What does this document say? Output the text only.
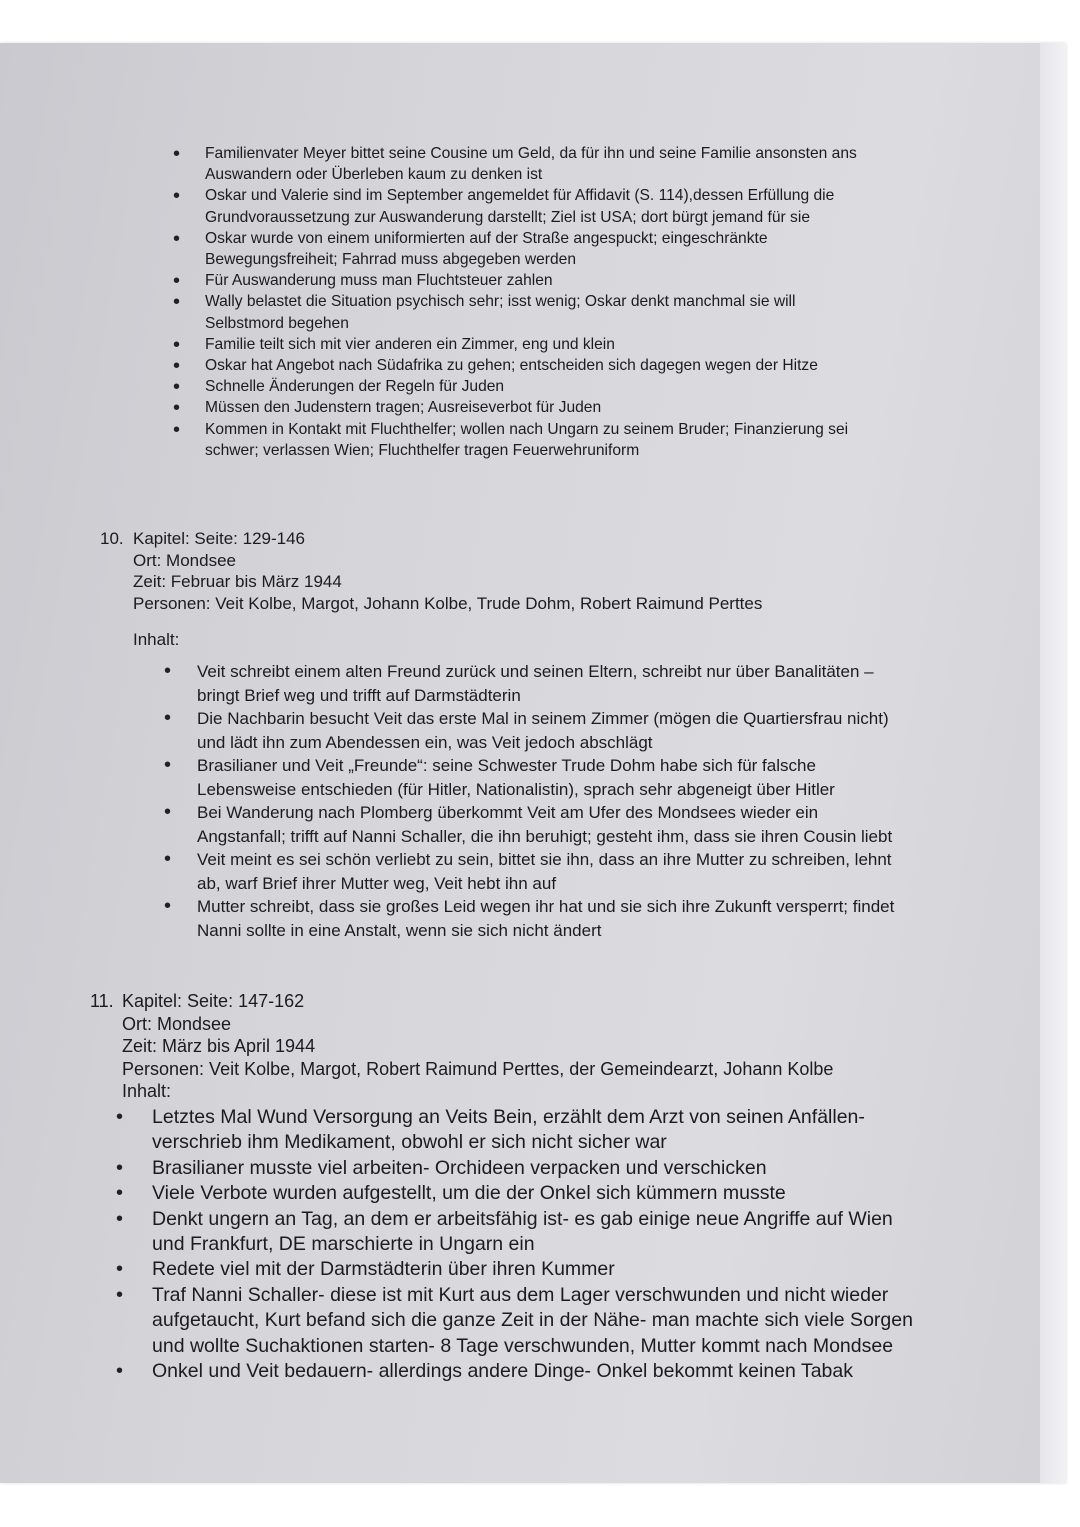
• Familienvater Meyer bittet seine Cousine um Geld, da für ihn und seine Familie ansonsten ans Auswandern oder Überleben kaum zu denken ist
• Oskar und Valerie sind im September angemeldet für Affidavit (S. 114),dessen Erfüllung die Grundvoraussetzung zur Auswanderung darstellt; Ziel ist USA; dort bürgt jemand für sie
• Oskar wurde von einem uniformierten auf der Straße angespuckt; eingeschränkte Bewegungsfreiheit; Fahrrad muss abgegeben werden
• Für Auswanderung muss man Fluchtsteuer zahlen
• Wally belastet die Situation psychisch sehr; isst wenig; Oskar denkt manchmal sie will Selbstmord begehen
• Familie teilt sich mit vier anderen ein Zimmer, eng und klein
• Oskar hat Angebot nach Südafrika zu gehen; entscheiden sich dagegen wegen der Hitze
• Schnelle Änderungen der Regeln für Juden
• Müssen den Judenstern tragen; Ausreiseverbot für Juden
• Kommen in Kontakt mit Fluchthelfer; wollen nach Ungarn zu seinem Bruder; Finanzierung sei schwer; verlassen Wien; Fluchthelfer tragen Feuerwehruniform
10. Kapitel: Seite: 129-146
Ort: Mondsee
Zeit: Februar bis März 1944
Personen: Veit Kolbe, Margot, Johann Kolbe, Trude Dohm, Robert Raimund Perttes
Inhalt:
• Veit schreibt einem alten Freund zurück und seinen Eltern, schreibt nur über Banalitäten – bringt Brief weg und trifft auf Darmstädterin
• Die Nachbarin besucht Veit das erste Mal in seinem Zimmer (mögen die Quartiersfrau nicht) und lädt ihn zum Abendessen ein, was Veit jedoch abschlägt
• Brasilianer und Veit „Freunde“: seine Schwester Trude Dohm habe sich für falsche Lebensweise entschieden (für Hitler, Nationalistin), sprach sehr abgeneigt über Hitler
• Bei Wanderung nach Plomberg überkommt Veit am Ufer des Mondsees wieder ein Angstanfall; trifft auf Nanni Schaller, die ihn beruhigt; gesteht ihm, dass sie ihren Cousin liebt
• Veit meint es sei schön verliebt zu sein, bittet sie ihn, dass an ihre Mutter zu schreiben, lehnt ab, warf Brief ihrer Mutter weg, Veit hebt ihn auf
• Mutter schreibt, dass sie großes Leid wegen ihr hat und sie sich ihre Zukunft versperrt; findet Nanni sollte in eine Anstalt, wenn sie sich nicht ändert
11. Kapitel: Seite: 147-162
Ort: Mondsee
Zeit: März bis April 1944
Personen: Veit Kolbe, Margot, Robert Raimund Perttes, der Gemeindearzt, Johann Kolbe
Inhalt:
• Letztes Mal Wund Versorgung an Veits Bein, erzählt dem Arzt von seinen Anfällen- verschrieb ihm Medikament, obwohl er sich nicht sicher war
• Brasilianer musste viel arbeiten- Orchideen verpacken und verschicken
• Viele Verbote wurden aufgestellt, um die der Onkel sich kümmern musste
• Denkt ungern an Tag, an dem er arbeitsfähig ist- es gab einige neue Angriffe auf Wien und Frankfurt, DE marschierte in Ungarn ein
• Redete viel mit der Darmstädterin über ihren Kummer
• Traf Nanni Schaller- diese ist mit Kurt aus dem Lager verschwunden und nicht wieder aufgetaucht, Kurt befand sich die ganze Zeit in der Nähe- man machte sich viele Sorgen und wollte Suchaktionen starten- 8 Tage verschwunden, Mutter kommt nach Mondsee
• Onkel und Veit bedauern- allerdings andere Dinge- Onkel bekommt keinen Tabak
